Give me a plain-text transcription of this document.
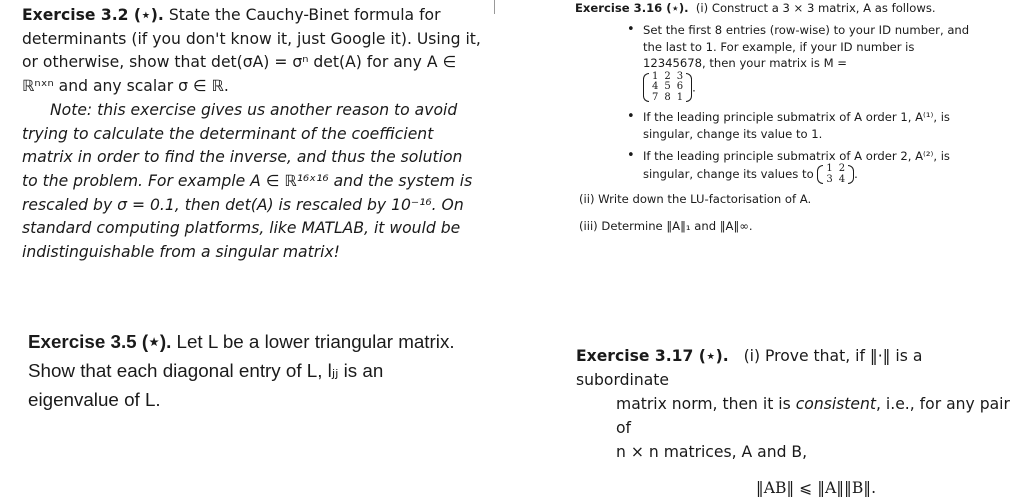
Exercise 3.2 (⋆). State the Cauchy-Binet formula for determinants (if you don't know it, just Google it). Using it, or otherwise, show that det(σA) = σⁿ det(A) for any A ∈ ℝⁿˣⁿ and any scalar σ ∈ ℝ.

Note: this exercise gives us another reason to avoid trying to calculate the determinant of the coefficient matrix in order to find the inverse, and thus the solution to the problem. For example A ∈ ℝ¹⁶ˣ¹⁶ and the system is rescaled by σ = 0.1, then det(A) is rescaled by 10⁻¹⁶. On standard computing platforms, like MATLAB, it would be indistinguishable from a singular matrix!

Exercise 3.16 (⋆). (i) Construct a 3 × 3 matrix, A as follows.
• Set the first 8 entries (row-wise) to your ID number, and the last to 1. For example, if your ID number is 12345678, then your matrix is M =

1	2	3
4	5	6
7	8	1
.
• If the leading principle submatrix of A order 1, A⁽¹⁾, is singular, change its value to 1.
• If the leading principle submatrix of A order 2, A⁽²⁾, is singular, change its values to 1	2
3	4 .
(ii) Write down the LU-factorisation of A.
(iii) Determine ‖A‖₁ and ‖A‖∞.

Exercise 3.5 (⋆). Let L be a lower triangular matrix. Show that each diagonal entry of L, lⱼⱼ is an eigenvalue of L.

Exercise 3.17 (⋆). (i) Prove that, if ‖·‖ is a subordinate

matrix norm, then it is consistent, i.e., for any pair of

n × n matrices, A and B,

‖AB‖ ⩽ ‖A‖‖B‖.
